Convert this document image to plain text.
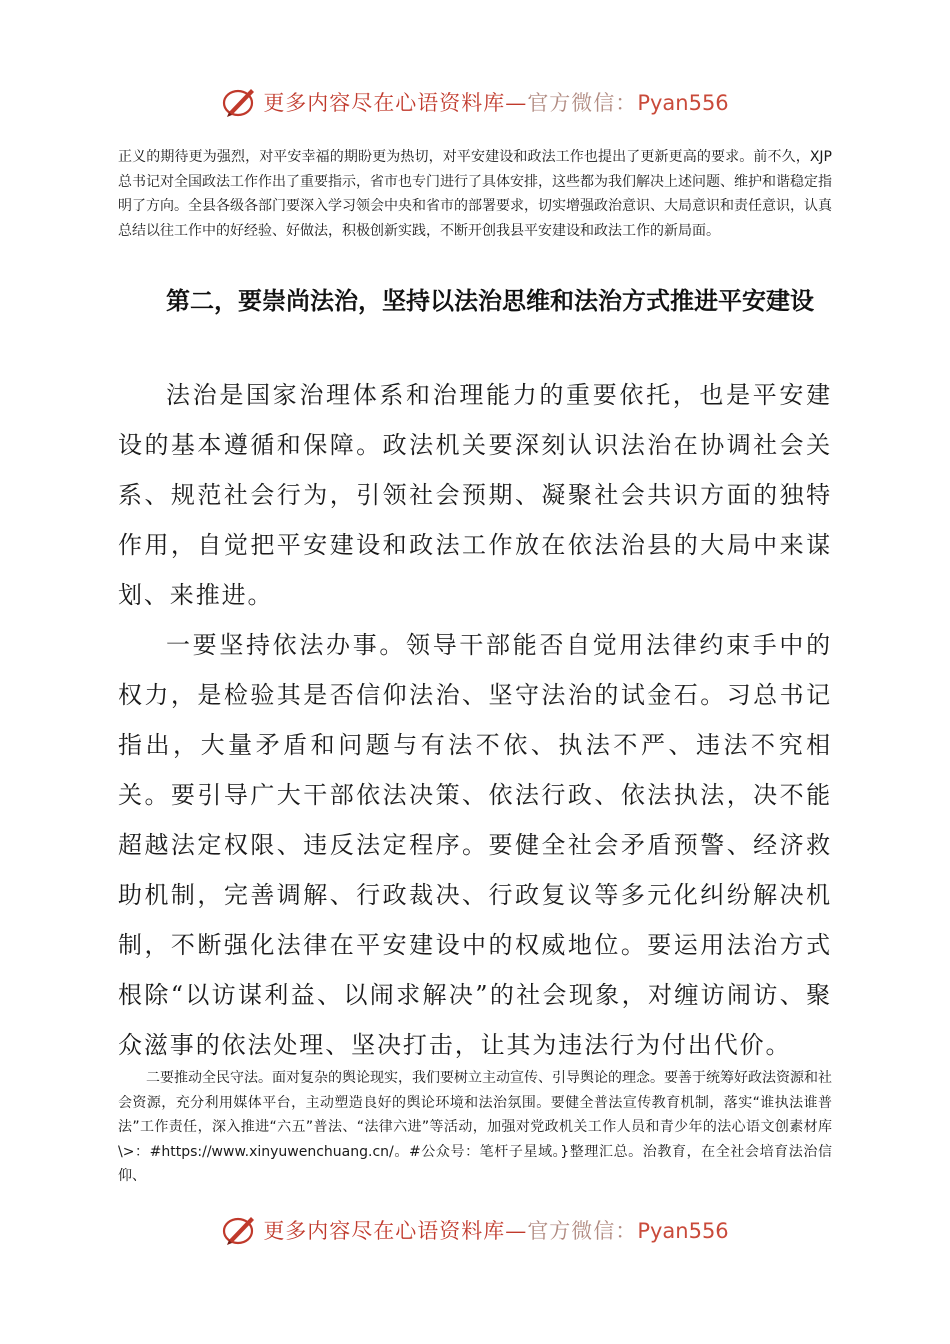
更多内容尽在心语资料库—官方微信：Pyan556

正义的期待更为强烈，对平安幸福的期盼更为热切，对平安建设和政法工作也提出了更新更高的要求。前不久，XJP总书记对全国政法工作作出了重要指示，省市也专门进行了具体安排，这些都为我们解决上述问题、维护和谐稳定指明了方向。全县各级各部门要深入学习领会中央和省市的部署要求，切实增强政治意识、大局意识和责任意识，认真总结以往工作中的好经验、好做法，积极创新实践，不断开创我县平安建设和政法工作的新局面。

第二，要崇尚法治，坚持以法治思维和法治方式推进平安建设

法治是国家治理体系和治理能力的重要依托，也是平安建设的基本遵循和保障。政法机关要深刻认识法治在协调社会关系、规范社会行为，引领社会预期、凝聚社会共识方面的独特作用，自觉把平安建设和政法工作放在依法治县的大局中来谋划、来推进。

一要坚持依法办事。领导干部能否自觉用法律约束手中的权力，是检验其是否信仰法治、坚守法治的试金石。习总书记指出，大量矛盾和问题与有法不依、执法不严、违法不究相关。要引导广大干部依法决策、依法行政、依法执法，决不能超越法定权限、违反法定程序。要健全社会矛盾预警、经济救助机制，完善调解、行政裁决、行政复议等多元化纠纷解决机制，不断强化法律在平安建设中的权威地位。要运用法治方式根除“以访谋利益、以闹求解决”的社会现象，对缠访闹访、聚众滋事的依法处理、坚决打击，让其为违法行为付出代价。

二要推动全民守法。面对复杂的舆论现实，我们要树立主动宣传、引导舆论的理念。要善于统筹好政法资源和社会资源，充分利用媒体平台，主动塑造良好的舆论环境和法治氛围。要健全普法宣传教育机制，落实“谁执法谁普法”工作责任，深入推进“六五”普法、“法律六进”等活动，加强对党政机关工作人员和青少年的法心语文创素材库\>：#https://www.xinyuwenchuang.cn/。#公众号：笔杆子星域。}整理汇总。治教育，在全社会培育法治信仰、

更多内容尽在心语资料库—官方微信：Pyan556
